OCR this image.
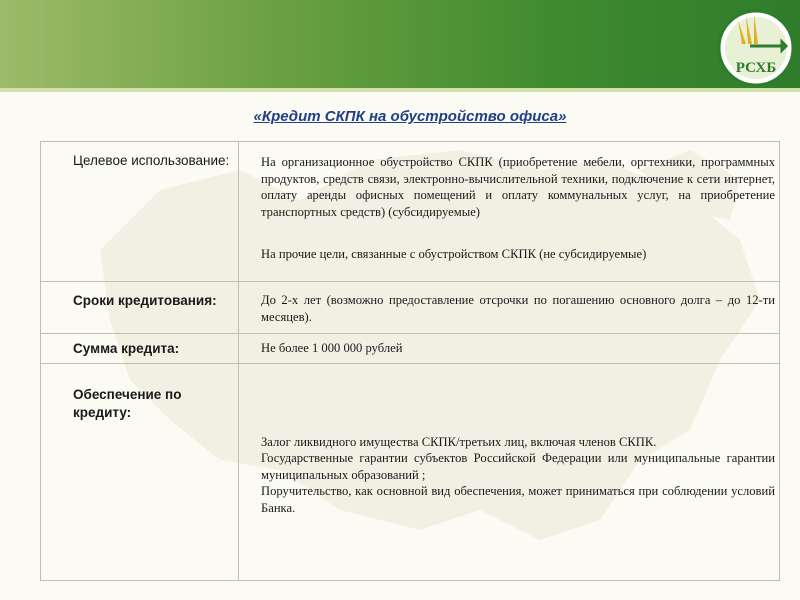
РСХБ
«Кредит СКПК на обустройство офиса»
Целевое использование:	На организационное обустройство СКПК (приобретение мебели, оргтехники, программных продуктов, средств связи, электронно-вычислительной техники, подключение к сети интернет, оплату аренды офисных помещений и оплату коммунальных услуг, на приобретение транспортных средств) (субсидируемые)
На прочие цели, связанные с обустройством СКПК (не субсидируемые)
Сроки кредитования:	До 2-х лет (возможно предоставление отсрочки по погашению основного долга – до 12-ти месяцев).
Сумма кредита:	Не более 1 000 000 рублей
Обеспечение по кредиту:
Залог ликвидного имущества СКПК/третьих лиц, включая членов СКПК.
Государственные гарантии субъектов Российской Федерации или муниципальные гарантии муниципальных образований ;
Поручительство, как основной вид обеспечения, может приниматься при соблюдении условий Банка.
